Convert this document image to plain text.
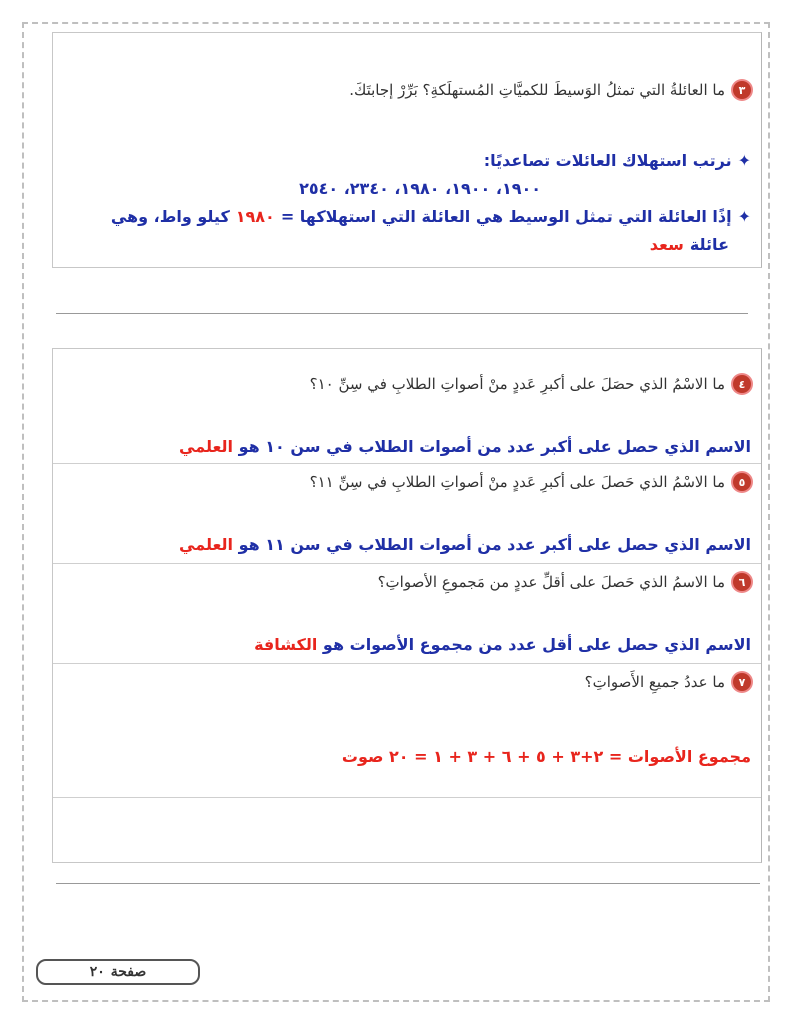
٣
ما العائلةُ التي تمثلُ الوَسيطَ للكميَّاتِ المُستهلَكةِ؟ بَرِّرْ إجابتَكَ.
✦
نرتب استهلاك العائلات تصاعديًا:
١٩٠٠، ١٩٠٠، ١٩٨٠، ٢٣٤٠، ٢٥٤٠
✦
إذًا العائلة التي تمثل الوسيط هي العائلة التي استهلاكها =
١٩٨٠
كيلو واط، وهي
عائلة
سعد
٤
ما الاسْمُ الذي حصَلَ على أكبرِ عَددٍ منْ أصواتِ الطلابِ في سِنِّ ١٠؟
الاسم الذي حصل على أكبر عدد من أصوات الطلاب في سن ١٠ هو العلمي
٥
ما الاسْمُ الذي حَصلَ على أكبرِ عَددٍ منْ أصواتِ الطلابِ في سِنِّ ١١؟
الاسم الذي حصل على أكبر عدد من أصوات الطلاب في سن ١١ هو العلمي
٦
ما الاسمُ الذي حَصلَ على أقلِّ عددٍ من مَجموعِ الأصواتِ؟
الاسم الذي حصل على أقل عدد من مجموع الأصوات هو الكشافة
٧
ما عددُ جميعِ الأَصواتِ؟
مجموع الأصوات = ٢+٣ + ٥ + ٦ + ٣ + ١ = ٢٠ صوت
صفحة
٢٠
